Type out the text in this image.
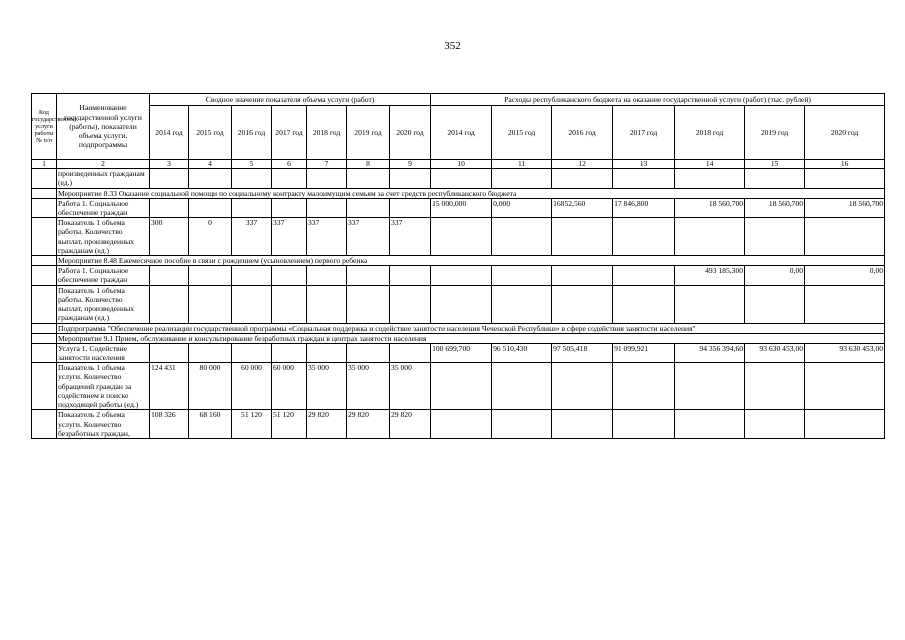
352
Код государственной услуги работы № п/п	Наименование государственной услуги (работы), показатели объема услуги, подпрограммы	Сводное значение показателя объема услуги (работ)							Расходы республиканского бюджета на оказание государственной услуги (работ) (тыс. рублей)						
		2014 год	2015 год	2016 год	2017 год	2018 год	2019 год	2020 год	2014 год	2015 год	2016 год	2017 год	2018 год	2019 год	2020 год
1	2	3	4	5	6	7	8	9	10	11	12	13	14	15	16
	произведенных гражданам (ед.)														
	Мероприятие 8.33 Оказание социальной помощи по социальному контракту малоимущим семьям за счет средств республиканского бюджета														
	Работа 1. Социальное обеспечение граждан								15 000,000	0,000	16852,560	17 846,800	18 560,700	18 560,700	18 560,700
	Показатель 1 объема работы. Количество выплат, произведенных гражданам (ед.)	300	0	337	337	337	337	337							
	Мероприятие 8.48 Ежемесячное пособие в связи с рождением (усыновлением) первого ребенка														
	Работа 1. Социальное обеспечение граждан												493 185,300	0,00	0,00
	Показатель 1 объема работы. Количество выплат, произведенных гражданам (ед.)														
	Подпрограмма "Обеспечение реализации государственной программы «Социальная поддержка и содействие занятости населения Чеченской Республики» в сфере содействия занятости населения"														
	Мероприятие 9.1 Прием, обслуживание и консультирование безработных граждан в центрах занятости населения														
	Услуга 1. Содействие занятости населения								100 699,700	96 510,430	97 505,418	91 099,921	94 356 394,60	93 630 453,00	93 630 453,00
	Показатель 1 объема услуги. Количество обращений граждан за содействием в поиске подходящей работы (ед.)	124 431	80 000	60 000	60 000	35 000	35 000	35 000							
	Показатель 2 объема услуги. Количество безработных граждан,	108 326	68 160	51 120	51 120	29 820	29 820	29 820							
